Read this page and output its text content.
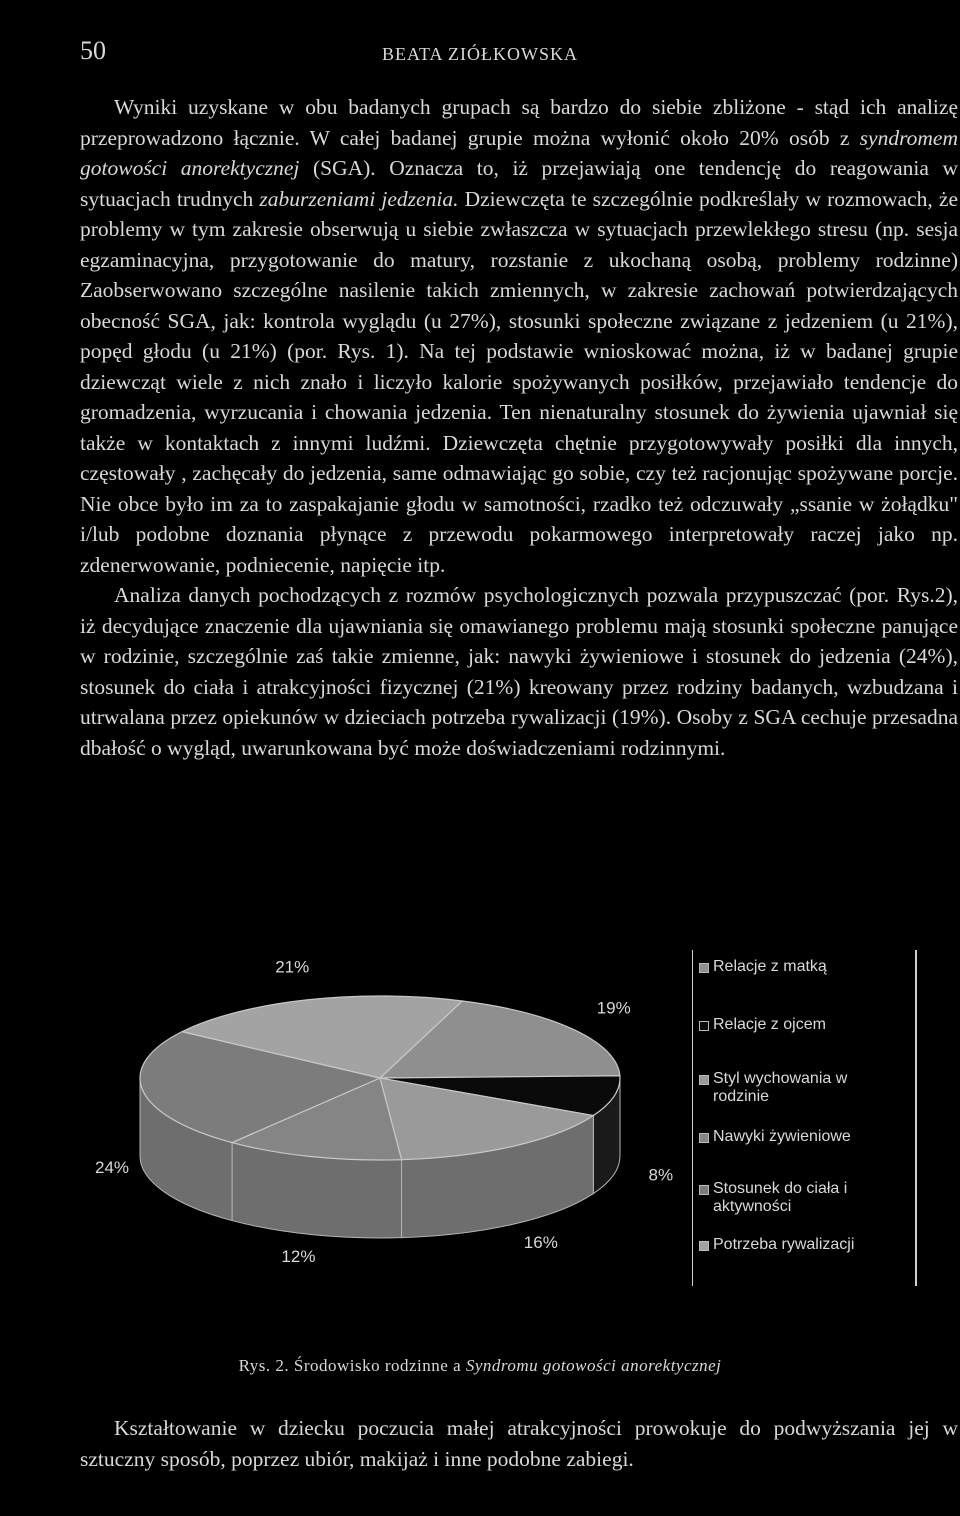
50	BEATA ZIÓŁKOWSKA

Wyniki uzyskane w obu badanych grupach są bardzo do siebie zbliżone - stąd ich analizę przeprowadzono łącznie. W całej badanej grupie można wyłonić około 20% osób z syndromem gotowości anorektycznej (SGA). Oznacza to, iż przejawiają one tendencję do reagowania w sytuacjach trudnych zaburzeniami jedzenia. Dziewczęta te szczególnie podkreślały w rozmowach, że problemy w tym zakresie obserwują u siebie zwłaszcza w sytuacjach przewlekłego stresu (np. sesja egzaminacyjna, przygotowanie do matury, rozstanie z ukochaną osobą, problemy rodzinne) Zaobserwowano szczególne nasilenie takich zmiennych, w zakresie zachowań potwierdzających obecność SGA, jak: kontrola wyglądu (u 27%), stosunki społeczne związane z jedzeniem (u 21%), popęd głodu (u 21%) (por. Rys. 1). Na tej podstawie wnioskować można, iż w badanej grupie dziewcząt wiele z nich znało i liczyło kalorie spożywanych posiłków, przejawiało tendencje do gromadzenia, wyrzucania i chowania jedzenia. Ten nienaturalny stosunek do żywienia ujawniał się także w kontaktach z innymi ludźmi. Dziewczęta chętnie przygotowywały posiłki dla innych, częstowały , zachęcały do jedzenia, same odmawiając go sobie, czy też racjonując spożywane porcje. Nie obce było im za to zaspakajanie głodu w samotności, rzadko też odczuwały „ssanie w żołądku" i/lub podobne doznania płynące z przewodu pokarmowego interpretowały raczej jako np. zdenerwowanie, podniecenie, napięcie itp.

Analiza danych pochodzących z rozmów psychologicznych pozwala przypuszczać (por. Rys.2), iż decydujące znaczenie dla ujawniania się omawianego problemu mają stosunki społeczne panujące w rodzinie, szczególnie zaś takie zmienne, jak: nawyki żywieniowe i stosunek do jedzenia (24%), stosunek do ciała i atrakcyjności fizycznej (21%) kreowany przez rodziny badanych, wzbudzana i utrwalana przez opiekunów w dzieciach potrzeba rywalizacji (19%). Osoby z SGA cechuje przesadna dbałość o wygląd, uwarunkowana być może doświadczeniami rodzinnymi.

19%
8%
16%
12%
24%
21%	Relacje z matką
Relacje z ojcem
Styl wychowania w rodzinie
Nawyki żywieniowe
Stosunek do ciała i aktywności
Potrzeba rywalizacji
Rys. 2. Środowisko rodzinne a Syndromu gotowości anorektycznej

Kształtowanie w dziecku poczucia małej atrakcyjności prowokuje do podwyższania jej w sztuczny sposób, poprzez ubiór, makijaż i inne podobne zabiegi.
